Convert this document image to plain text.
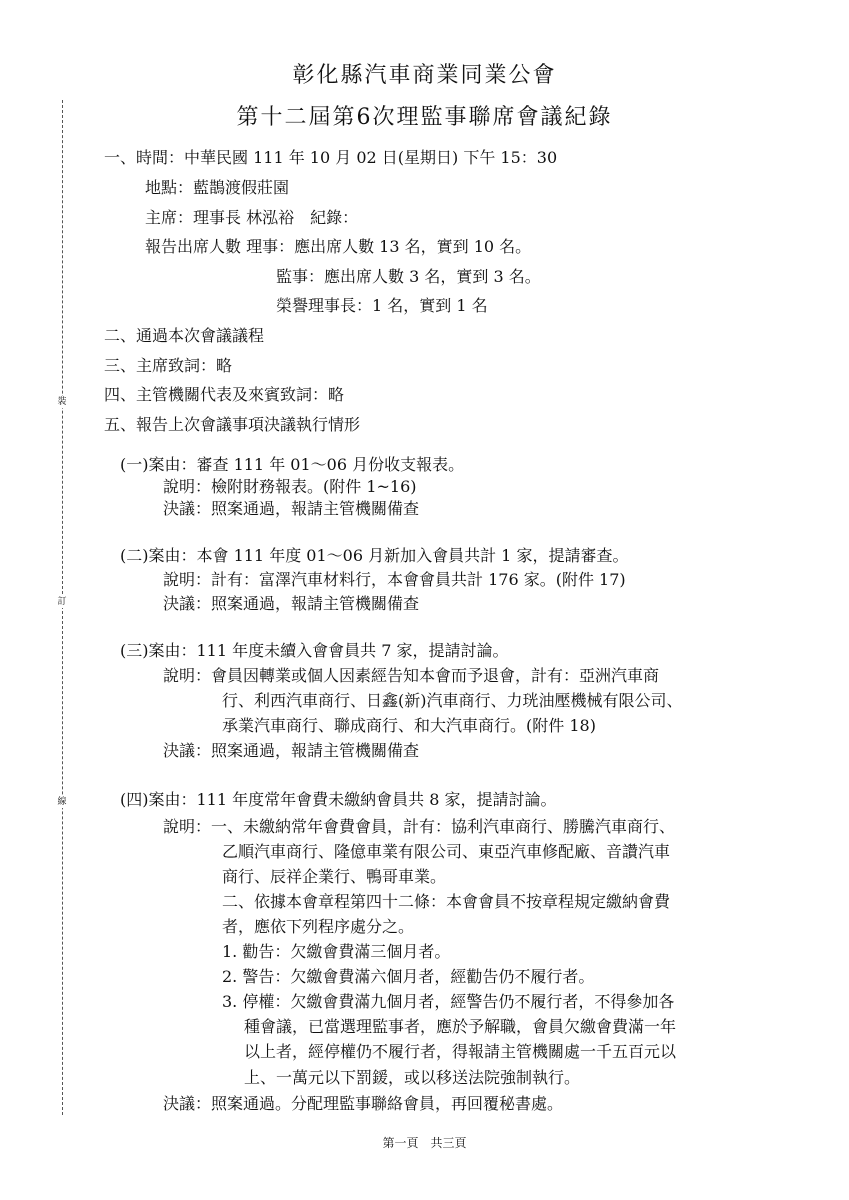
彰化縣汽車商業同業公會
第十二屆第6次理監事聯席會議紀錄
裝
訂
線

一、時間：中華民國 111 年 10 月 02 日(星期日) 下午 15：30

地點：藍鵲渡假莊園

主席：理事長 林泓裕　紀錄：

報告出席人數 理事：應出席人數 13 名，實到 10 名。

監事：應出席人數 3 名，實到 3 名。

榮譽理事長：1 名，實到 1 名

二、通過本次會議議程

三、主席致詞：略

四、主管機關代表及來賓致詞：略

五、報告上次會議事項決議執行情形

(一)案由：審查 111 年 01～06 月份收支報表。

說明：檢附財務報表。(附件 1~16)

決議：照案通過，報請主管機關備查

(二)案由：本會 111 年度 01～06 月新加入會員共計 1 家，提請審查。

說明：計有：富澤汽車材料行，本會會員共計 176 家。(附件 17)

決議：照案通過，報請主管機關備查

(三)案由：111 年度未續入會會員共 7 家，提請討論。

說明：會員因轉業或個人因素經告知本會而予退會，計有：亞洲汽車商

行、利西汽車商行、日鑫(新)汽車商行、力珖油壓機械有限公司、

承業汽車商行、聯成商行、和大汽車商行。(附件 18)

決議：照案通過，報請主管機關備查

(四)案由：111 年度常年會費未繳納會員共 8 家，提請討論。

說明：一、未繳納常年會費會員，計有：協利汽車商行、勝騰汽車商行、

乙順汽車商行、隆億車業有限公司、東亞汽車修配廠、音讚汽車

商行、辰祥企業行、鴨哥車業。

二、依據本會章程第四十二條：本會會員不按章程規定繳納會費

者，應依下列程序處分之。

1. 勸告：欠繳會費滿三個月者。

2. 警告：欠繳會費滿六個月者，經勸告仍不履行者。

3. 停權：欠繳會費滿九個月者，經警告仍不履行者，不得參加各

種會議，已當選理監事者，應於予解職，會員欠繳會費滿一年

以上者，經停權仍不履行者，得報請主管機關處一千五百元以

上、一萬元以下罰鍰，或以移送法院強制執行。

決議：照案通過。分配理監事聯絡會員，再回覆秘書處。

第一頁　共三頁
